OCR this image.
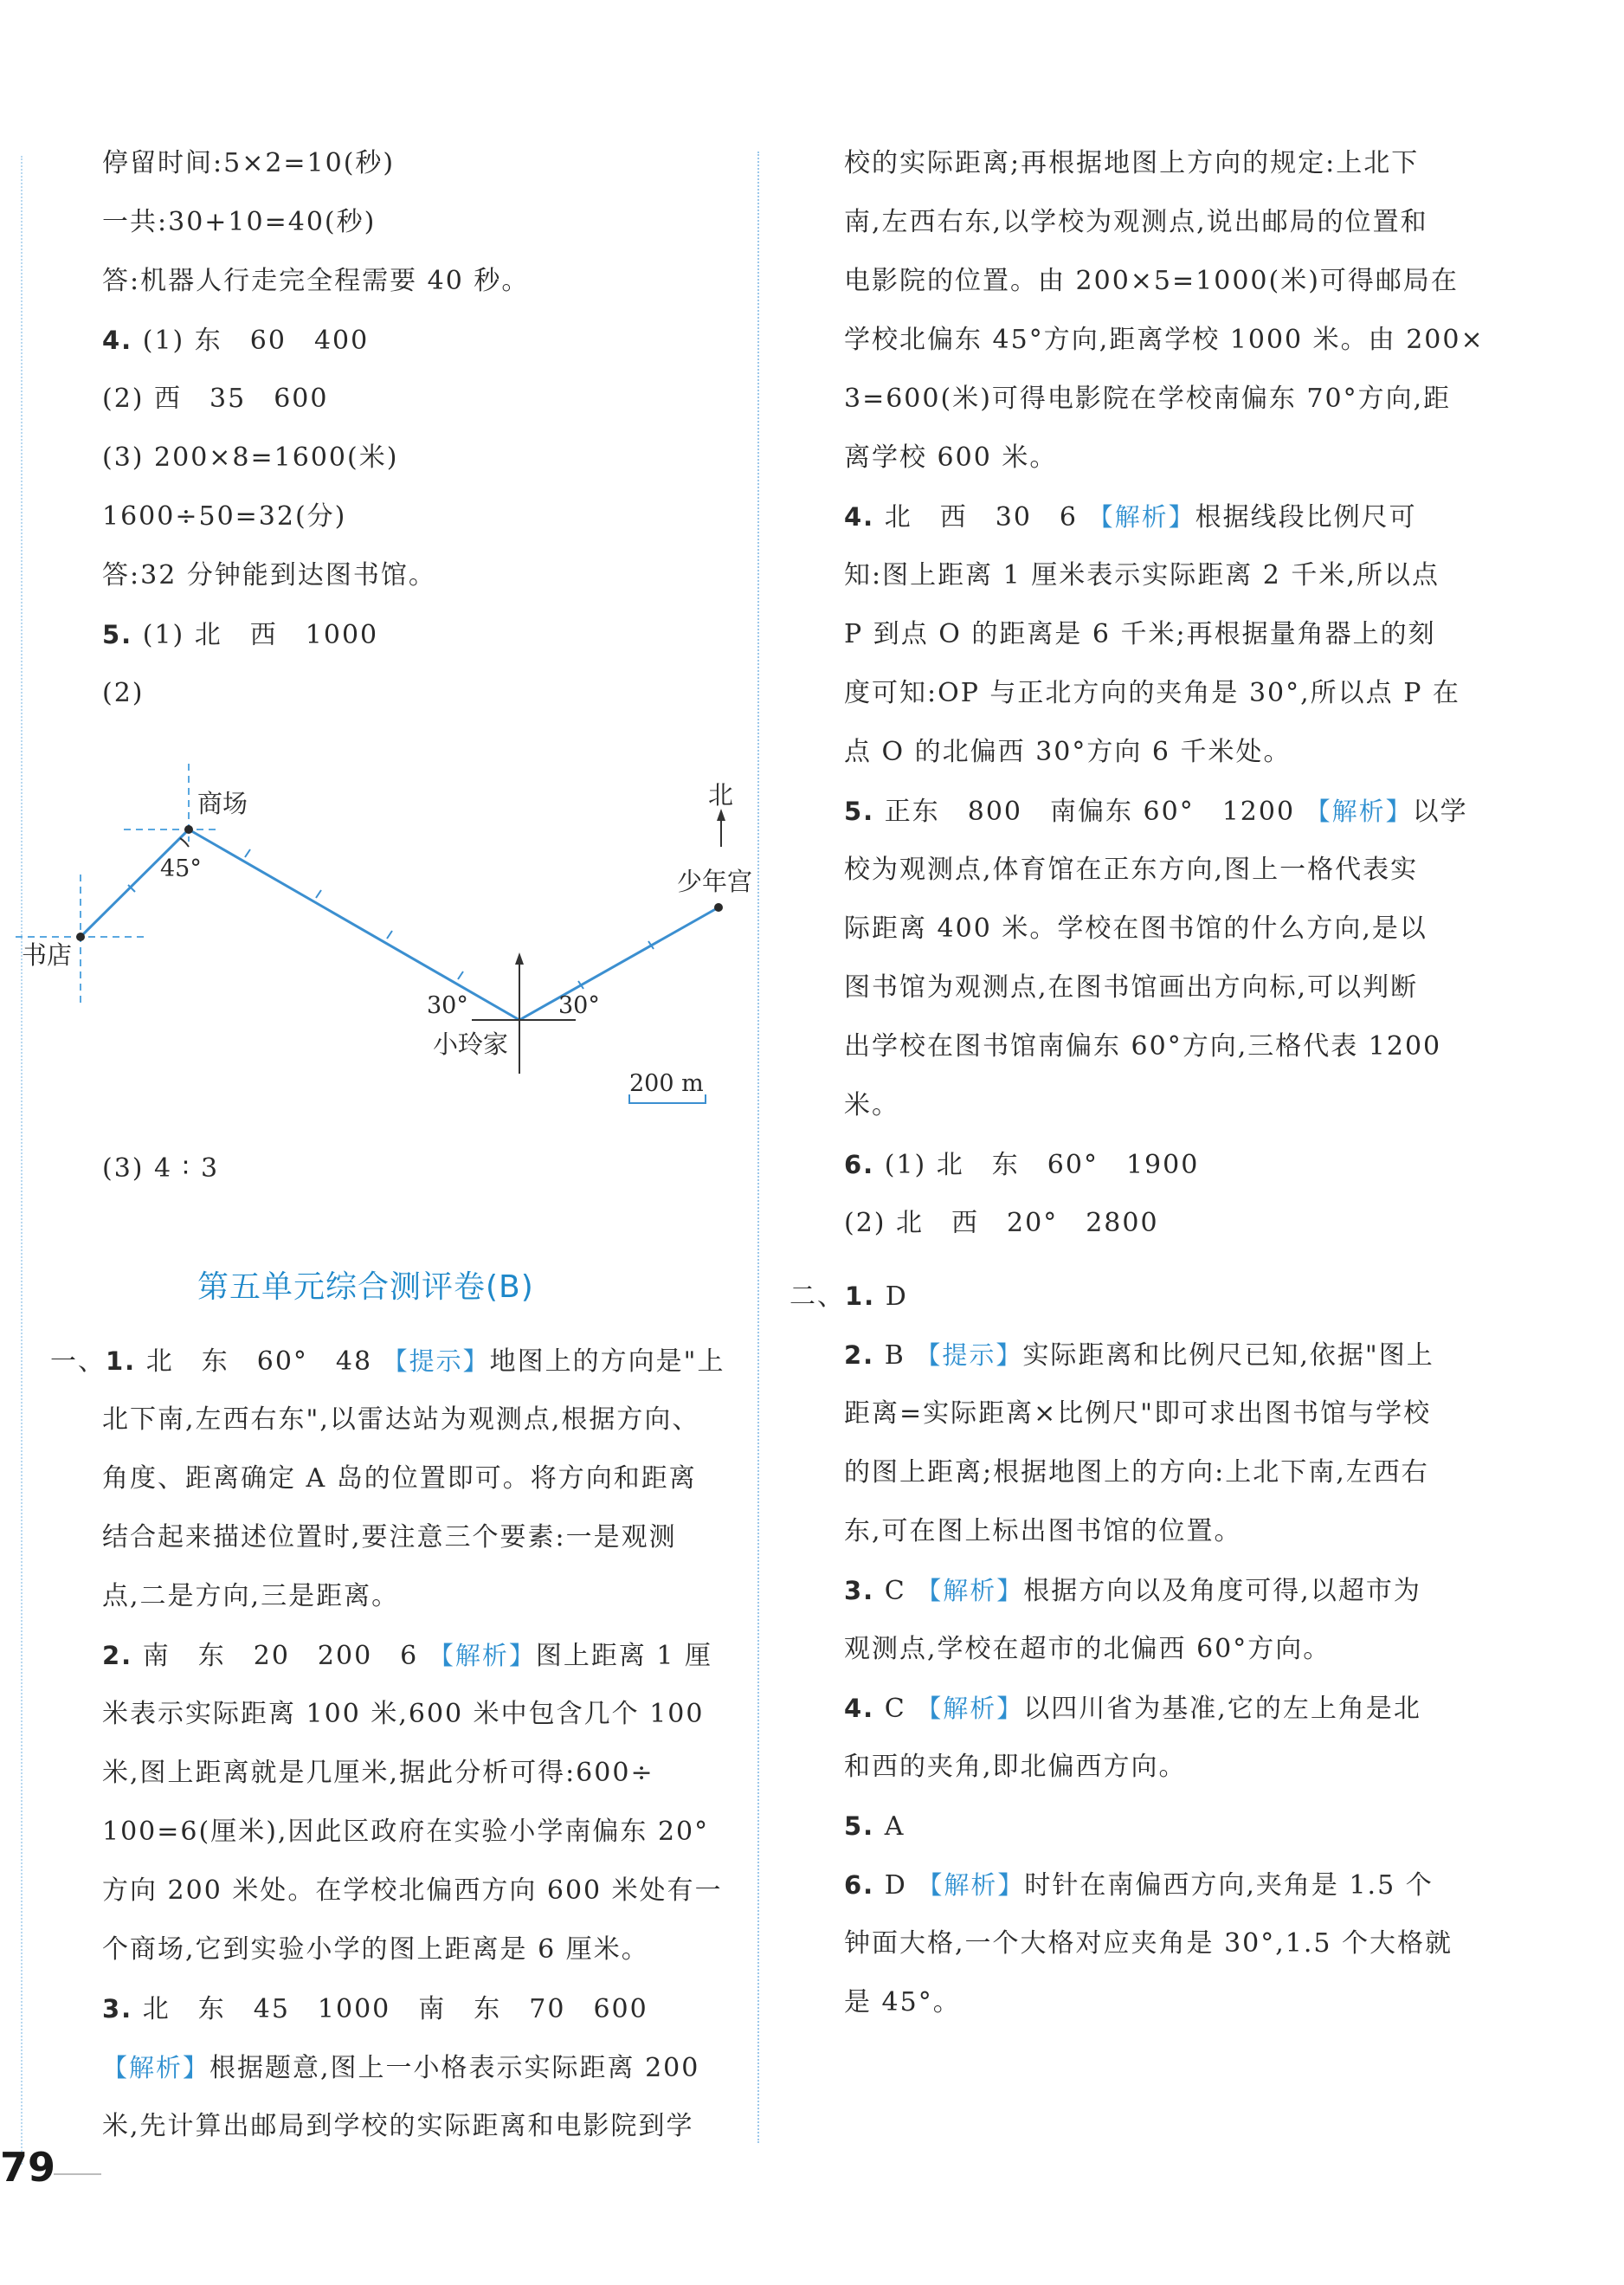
停留时间:5×2=10(秒)
一共:30+10=40(秒)
答:机器人行走完全程需要 40 秒。
4. (1) 东　60　400
(2) 西　35　600
(3) 200×8=1600(米)
1600÷50=32(分)
答:32 分钟能到达图书馆。
5. (1) 北　西　1000
(2)
商场
书店
小玲家
少年宫
北
45°
30°	30°
200 m
(3) 4 ∶ 3
第五单元综合测评卷(B)
一、1. 北　东　60°　48 【提示】地图上的方向是"上
北下南,左西右东",以雷达站为观测点,根据方向、
角度、距离确定 A 岛的位置即可。将方向和距离
结合起来描述位置时,要注意三个要素:一是观测
点,二是方向,三是距离。
2. 南　东　20　200　6 【解析】图上距离 1 厘
米表示实际距离 100 米,600 米中包含几个 100
米,图上距离就是几厘米,据此分析可得:600÷
100=6(厘米),因此区政府在实验小学南偏东 20°
方向 200 米处。在学校北偏西方向 600 米处有一
个商场,它到实验小学的图上距离是 6 厘米。
3. 北　东　45　1000　南　东　70　600
【解析】根据题意,图上一小格表示实际距离 200
米,先计算出邮局到学校的实际距离和电影院到学
79
校的实际距离;再根据地图上方向的规定:上北下
南,左西右东,以学校为观测点,说出邮局的位置和
电影院的位置。由 200×5=1000(米)可得邮局在
学校北偏东 45°方向,距离学校 1000 米。由 200×
3=600(米)可得电影院在学校南偏东 70°方向,距
离学校 600 米。
4. 北　西　30　6 【解析】根据线段比例尺可
知:图上距离 1 厘米表示实际距离 2 千米,所以点
P 到点 O 的距离是 6 千米;再根据量角器上的刻
度可知:OP 与正北方向的夹角是 30°,所以点 P 在
点 O 的北偏西 30°方向 6 千米处。
5. 正东　800　南偏东 60°　1200 【解析】以学
校为观测点,体育馆在正东方向,图上一格代表实
际距离 400 米。学校在图书馆的什么方向,是以
图书馆为观测点,在图书馆画出方向标,可以判断
出学校在图书馆南偏东 60°方向,三格代表 1200
米。
6. (1) 北　东　60°　1900
(2) 北　西　20°　2800
二、1. D
2. B 【提示】实际距离和比例尺已知,依据"图上
距离=实际距离×比例尺"即可求出图书馆与学校
的图上距离;根据地图上的方向:上北下南,左西右
东,可在图上标出图书馆的位置。
3. C 【解析】根据方向以及角度可得,以超市为
观测点,学校在超市的北偏西 60°方向。
4. C 【解析】以四川省为基准,它的左上角是北
和西的夹角,即北偏西方向。
5. A
6. D 【解析】时针在南偏西方向,夹角是 1.5 个
钟面大格,一个大格对应夹角是 30°,1.5 个大格就
是 45°。
